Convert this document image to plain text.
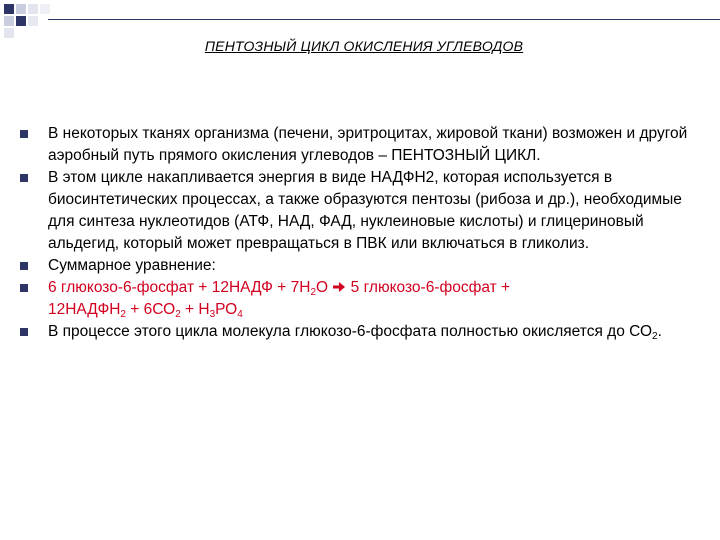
ПЕНТОЗНЫЙ ЦИКЛ ОКИСЛЕНИЯ УГЛЕВОДОВ
В некоторых тканях организма (печени, эритроцитах, жировой ткани) возможен и другой аэробный путь прямого окисления углеводов – ПЕНТОЗНЫЙ ЦИКЛ.
В этом цикле накапливается энергия в виде НАДФН2, которая используется в биосинтетических процессах, а также образуются пентозы (рибоза и др.), необходимые для синтеза нуклеотидов (АТФ, НАД, ФАД, нуклеиновые кислоты) и глицериновый альдегид, который может превращаться в ПВК или включаться в гликолиз.
Суммарное уравнение:
6 глюкозо-6-фосфат + 12НАДФ + $7Н_2О$  5 глюкозо-6-фосфат +
$12НАДФН_2 + 6СО_2 + Н_3РО_4$
В процессе этого цикла молекула глюкозо-6-фосфата полностью окисляется до $СО_2$.
